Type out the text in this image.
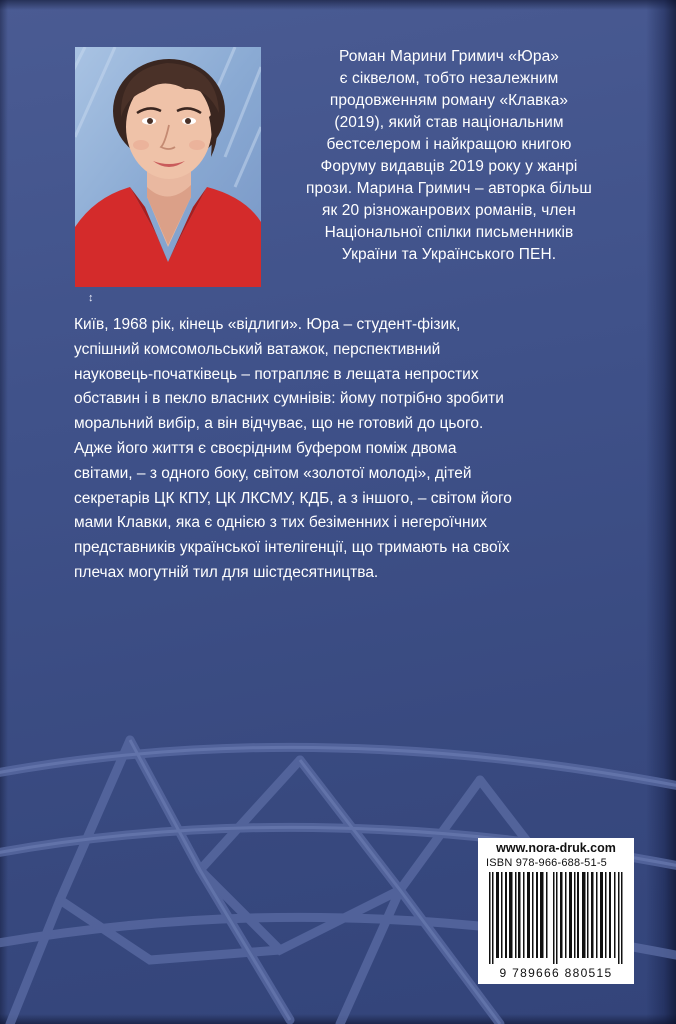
Роман Марини Гримич «Юра»
є сіквелом, тобто незалежним
продовженням роману «Клавка»
(2019), який став національним
бестселером і найкращою книгою
Форуму видавців 2019 року у жанрі
прози. Марина Гримич – авторка більш
як 20 різножанрових романів, член
Національної спілки письменників
України та Українського ПЕН.
↕
Київ, 1968 рік, кінець «відлиги». Юра – студент-фізик,
успішний комсомольський ватажок, перспективний
науковець-початківець – потрапляє в лещата непростих
обставин і в пекло власних сумнівів: йому потрібно зробити
моральний вибір, а він відчуває, що не готовий до цього.
Адже його життя є своєрідним буфером поміж двома
світами, – з одного боку, світом «золотої молоді», дітей
секретарів ЦК КПУ, ЦК ЛКСМУ, КДБ, а з іншого, – світом його
мами Клавки, яка є однією з тих безіменних і негероїчних
представників української інтелігенції, що тримають на своїх
плечах могутній тил для шістдесятництва.
www.nora-druk.com
ISBN 978-966-688-51-5
9 789666 880515
